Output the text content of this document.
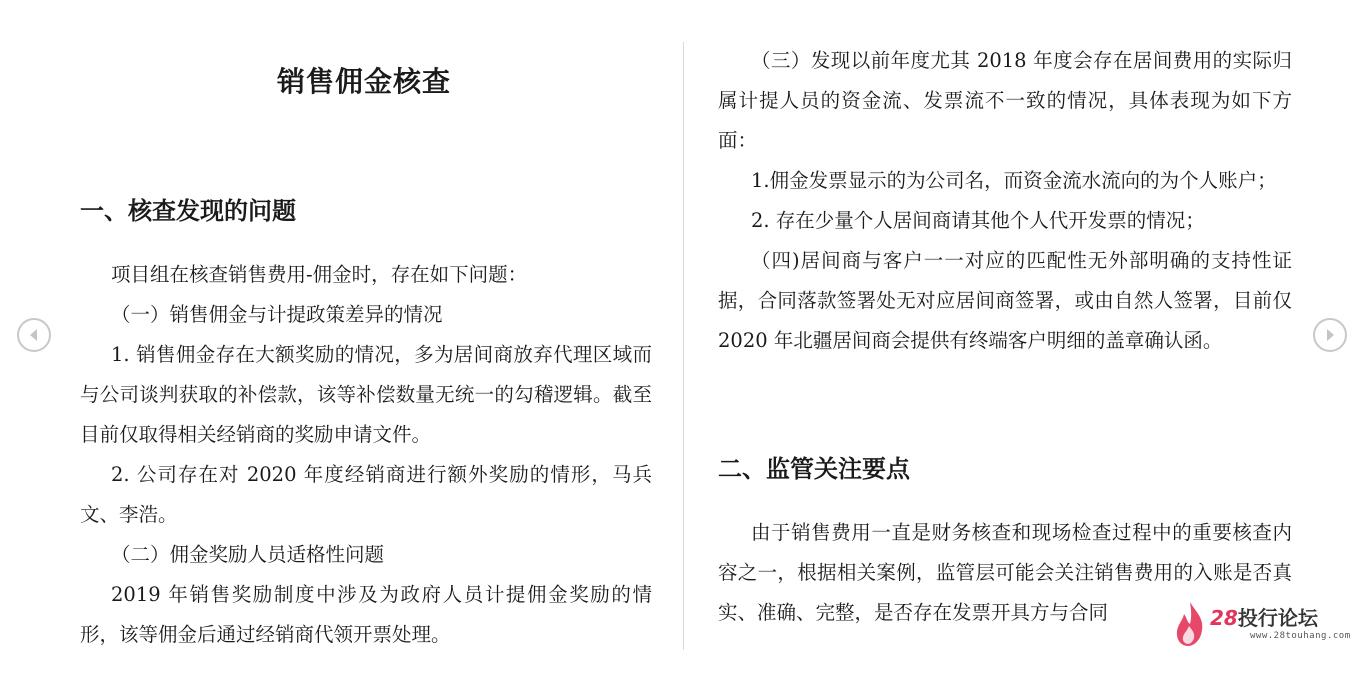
销售佣金核查
一、核查发现的问题

项目组在核查销售费用-佣金时，存在如下问题：

（一）销售佣金与计提政策差异的情况

1. 销售佣金存在大额奖励的情况，多为居间商放弃代理区域而与公司谈判获取的补偿款，该等补偿数量无统一的勾稽逻辑。截至目前仅取得相关经销商的奖励申请文件。

2. 公司存在对 2020 年度经销商进行额外奖励的情形，马兵文、李浩。

（二）佣金奖励人员适格性问题

2019 年销售奖励制度中涉及为政府人员计提佣金奖励的情形，该等佣金后通过经销商代领开票处理。

（三）发现以前年度尤其 2018 年度会存在居间费用的实际归属计提人员的资金流、发票流不一致的情况，具体表现为如下方面：

1.佣金发票显示的为公司名，而资金流水流向的为个人账户；

2. 存在少量个人居间商请其他个人代开发票的情况；

（四)居间商与客户一一对应的匹配性无外部明确的支持性证据，合同落款签署处无对应居间商签署，或由自然人签署，目前仅 2020 年北疆居间商会提供有终端客户明细的盖章确认函。

二、监管关注要点

由于销售费用一直是财务核查和现场检查过程中的重要核查内容之一，根据相关案例，监管层可能会关注销售费用的入账是否真实、准确、完整，是否存在发票开具方与合同	28投行论坛
www.28touhang.com
